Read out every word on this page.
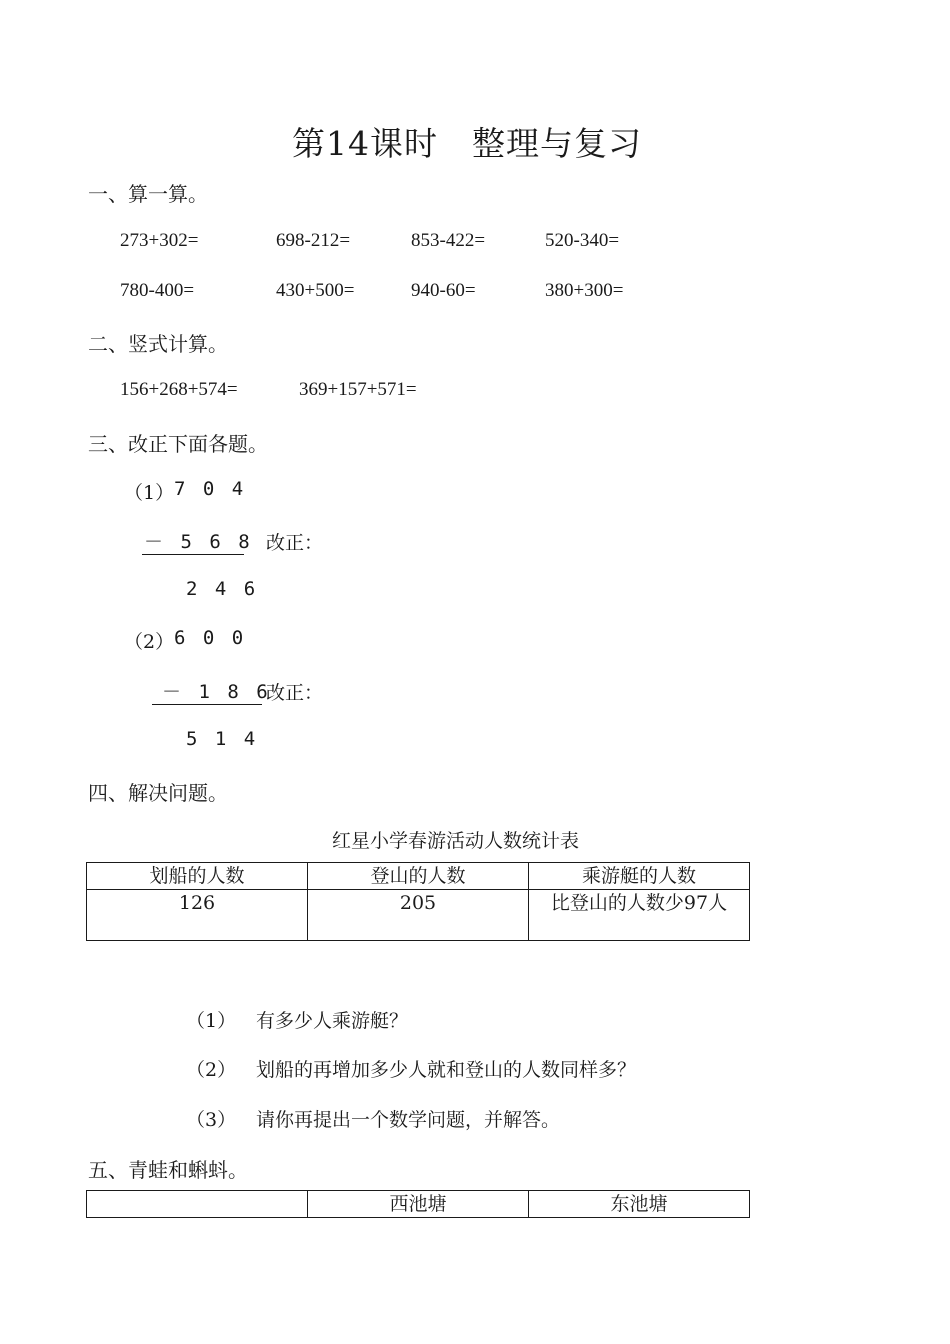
第14课时　整理与复习
一、算一算。
273+302=	698-212=	853-422=	520-340=
780-400=	430+500=	940-60=	380+300=
二、竖式计算。
156+268+574=	369+157+571=
三、改正下面各题。
（1） 7 0 4
－ 5 6 8 改正：
2 4 6
（2） 6 0 0
－ 1 8 6
改正：
5 1 4
四、解决问题。
红星小学春游活动人数统计表
划船的人数	登山的人数	乘游艇的人数
126	205	比登山的人数少97人
（1） 有多少人乘游艇？
（2） 划船的再增加多少人就和登山的人数同样多？
（3） 请你再提出一个数学问题，并解答。
五、青蛙和蝌蚪。
	西池塘	东池塘
